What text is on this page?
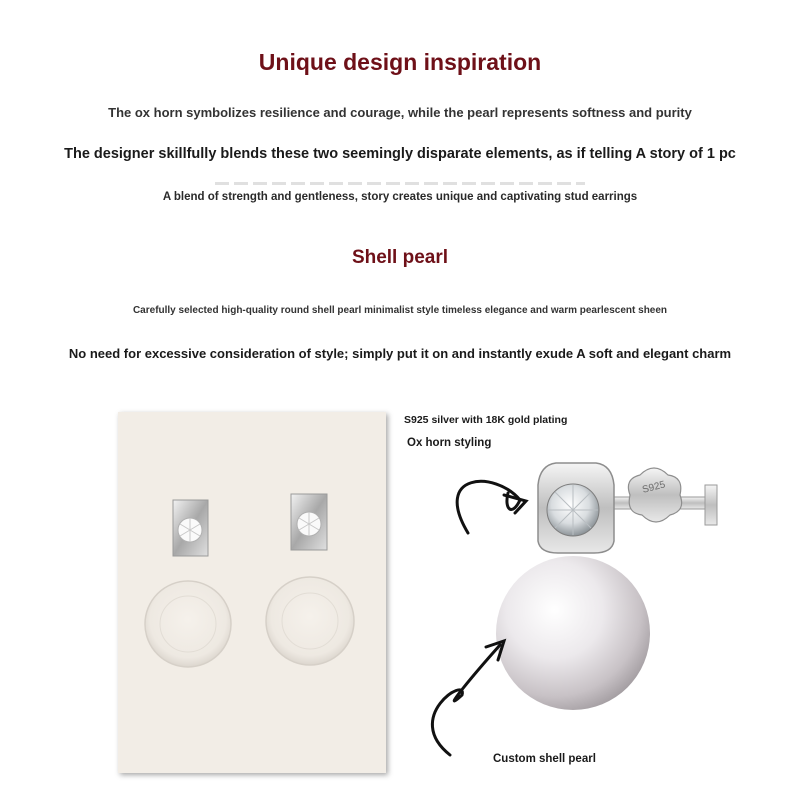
Unique design inspiration

The ox horn symbolizes resilience and courage, while the pearl represents softness and purity

The designer skillfully blends these two seemingly disparate elements, as if telling A story of 1 pc

A blend of strength and gentleness, story creates unique and captivating stud earrings

Shell pearl

Carefully selected high-quality round shell pearl minimalist style timeless elegance and warm pearlescent sheen

No need for excessive consideration of style; simply put it on and instantly exude A soft and elegant charm

S925 silver with 18K gold plating
Ox horn styling
S925
Custom shell pearl
